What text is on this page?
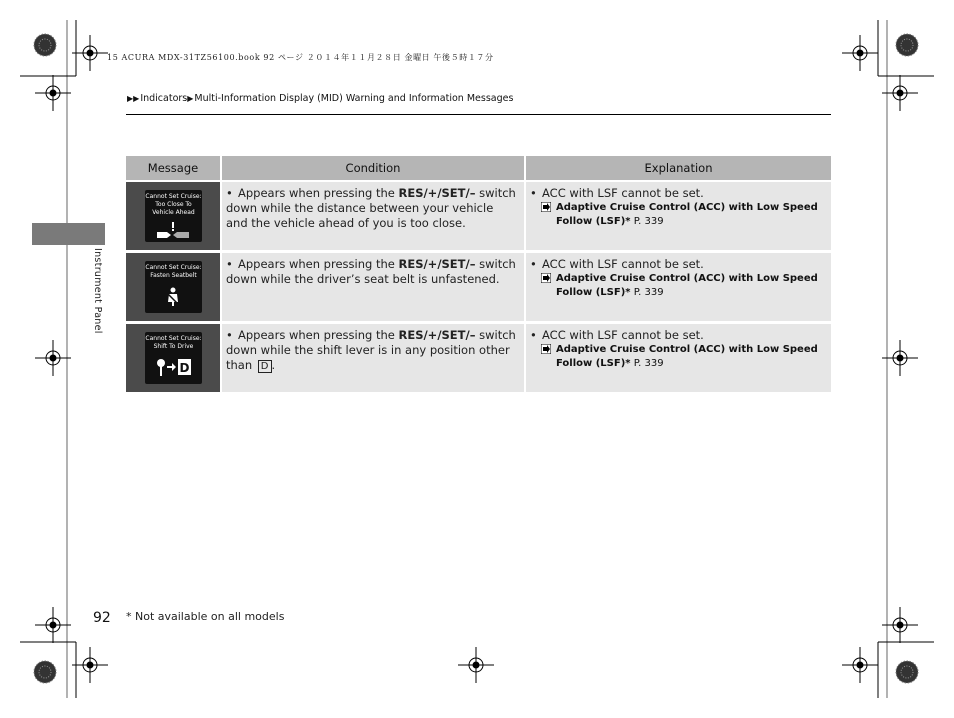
15 ACURA MDX-31TZ56100.book 92 ページ ２０１４年１１月２８日 金曜日 午後５時１７分
▶▶Indicators▶Multi-Information Display (MID) Warning and Information Messages
Instrument Panel
Message	Condition	Explanation
Cannot Set Cruise:
Too Close To
Vehicle Ahead
• Appears when pressing the RES/+/SET/– switch down while the distance between your vehicle and the vehicle ahead of you is too close.
• ACC with LSF cannot be set.
Adaptive Cruise Control (ACC) with Low Speed Follow (LSF)* P. 339
Cannot Set Cruise:
Fasten Seatbelt
• Appears when pressing the RES/+/SET/– switch down while the driver’s seat belt is unfastened.
• ACC with LSF cannot be set.
Adaptive Cruise Control (ACC) with Low Speed Follow (LSF)* P. 339
Cannot Set Cruise:
Shift To Drive
D
• Appears when pressing the RES/+/SET/– switch down while the shift lever is in any position other than D .
• ACC with LSF cannot be set.
Adaptive Cruise Control (ACC) with Low Speed Follow (LSF)* P. 339
92 * Not available on all models
